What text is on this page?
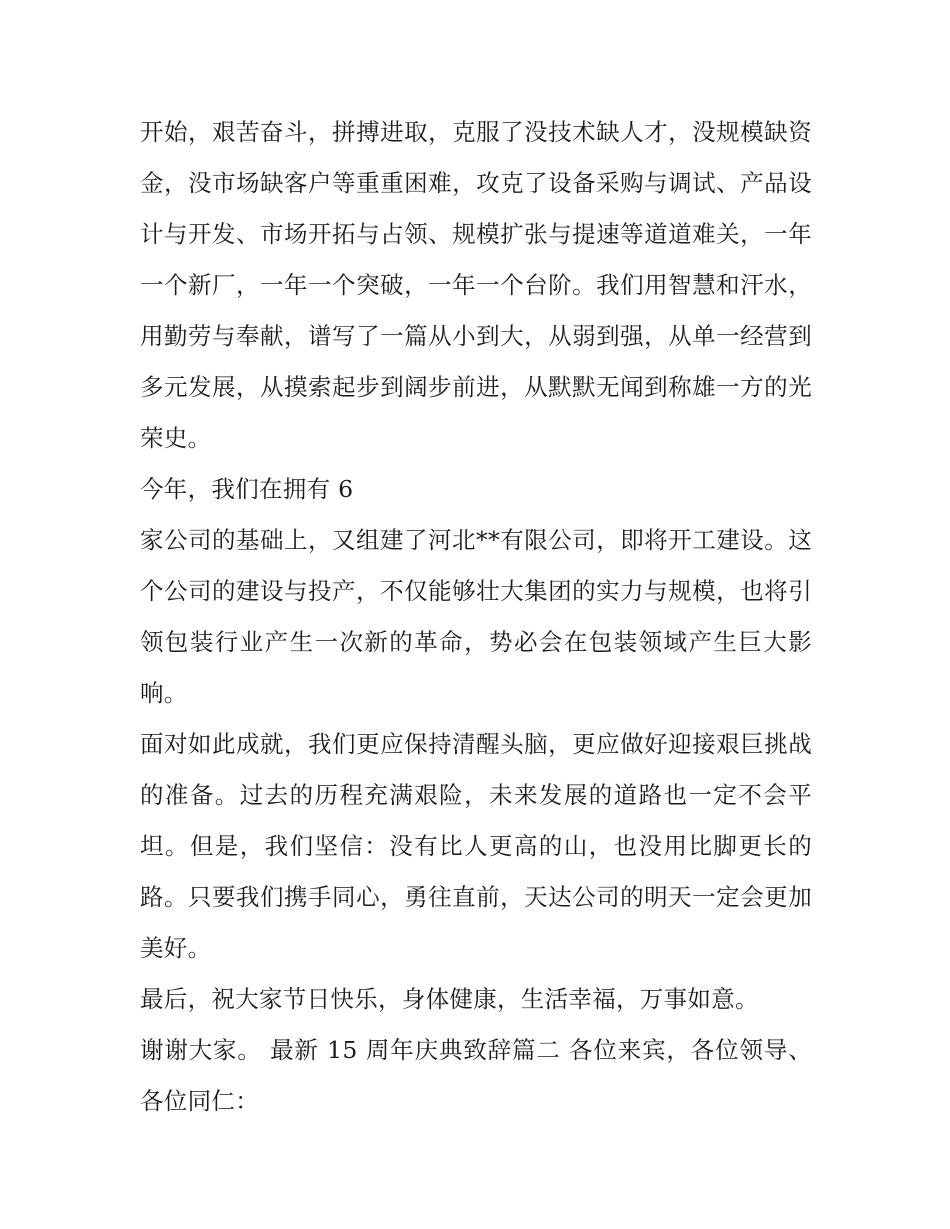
开始，艰苦奋斗，拼搏进取，克服了没技术缺人才，没规模缺资金，没市场缺客户等重重困难，攻克了设备采购与调试、产品设计与开发、市场开拓与占领、规模扩张与提速等道道难关，一年一个新厂，一年一个突破，一年一个台阶。我们用智慧和汗水，用勤劳与奉献，谱写了一篇从小到大，从弱到强，从单一经营到多元发展，从摸索起步到阔步前进，从默默无闻到称雄一方的光荣史。

今年，我们在拥有 6

家公司的基础上，又组建了河北**有限公司，即将开工建设。这个公司的建设与投产，不仅能够壮大集团的实力与规模，也将引领包装行业产生一次新的革命，势必会在包装领域产生巨大影响。

面对如此成就，我们更应保持清醒头脑，更应做好迎接艰巨挑战的准备。过去的历程充满艰险，未来发展的道路也一定不会平坦。但是，我们坚信：没有比人更高的山，也没用比脚更长的路。只要我们携手同心，勇往直前，天达公司的明天一定会更加美好。

最后，祝大家节日快乐，身体健康，生活幸福，万事如意。

谢谢大家。 最新 15 周年庆典致辞篇二 各位来宾，各位领导、各位同仁：
